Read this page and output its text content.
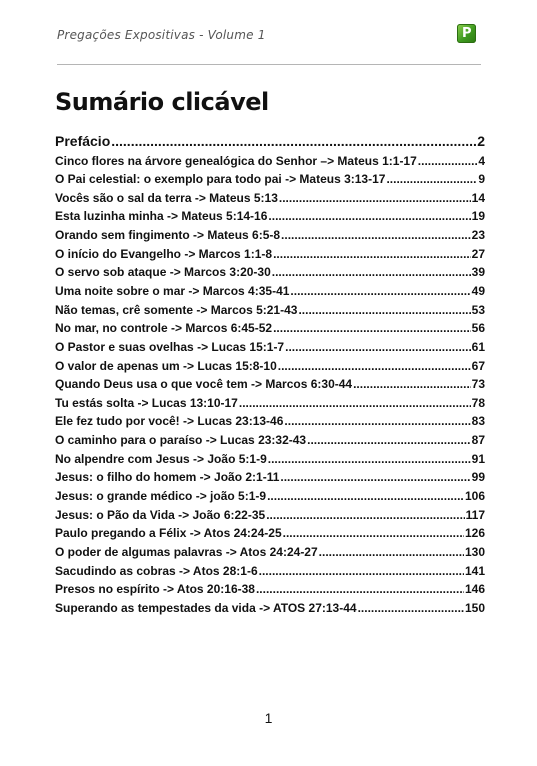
Pregações Expositivas - Volume 1	P
Sumário clicável
Prefácio .....	2
Cinco flores na árvore genealógica do Senhor –> Mateus 1:1-17 .....	4
O Pai celestial: o exemplo para todo pai -> Mateus 3:13-17 .....	9
Vocês são o sal da terra -> Mateus 5:13 .....	14
Esta luzinha minha -> Mateus 5:14-16 .....	19
Orando sem fingimento -> Mateus 6:5-8 .....	23
O início do Evangelho -> Marcos 1:1-8 .....	27
O servo sob ataque -> Marcos 3:20-30 .....	39
Uma noite sobre o mar -> Marcos 4:35-41 .....	49
Não temas, crê somente -> Marcos 5:21-43 .....	53
No mar, no controle -> Marcos 6:45-52 .....	56
O Pastor e suas ovelhas -> Lucas 15:1-7 .....	61
O valor de apenas um -> Lucas 15:8-10 .....	67
Quando Deus usa o que você tem -> Marcos 6:30-44 .....	73
Tu estás solta -> Lucas 13:10-17 .....	78
Ele fez tudo por você! -> Lucas 23:13-46 .....	83
O caminho para o paraíso -> Lucas 23:32-43 .....	87
No alpendre com Jesus -> João 5:1-9 .....	91
Jesus: o filho do homem -> João 2:1-11 .....	99
Jesus: o grande médico -> joão 5:1-9 .....	106
Jesus: o Pão da Vida -> João 6:22-35 .....	117
Paulo pregando a Félix -> Atos 24:24-25 .....	126
O poder de algumas palavras -> Atos 24:24-27 .....	130
Sacudindo as cobras -> Atos 28:1-6 .....	141
Presos no espírito -> Atos 20:16-38 .....	146
Superando as tempestades da vida -> ATOS 27:13-44 .....	150
1
